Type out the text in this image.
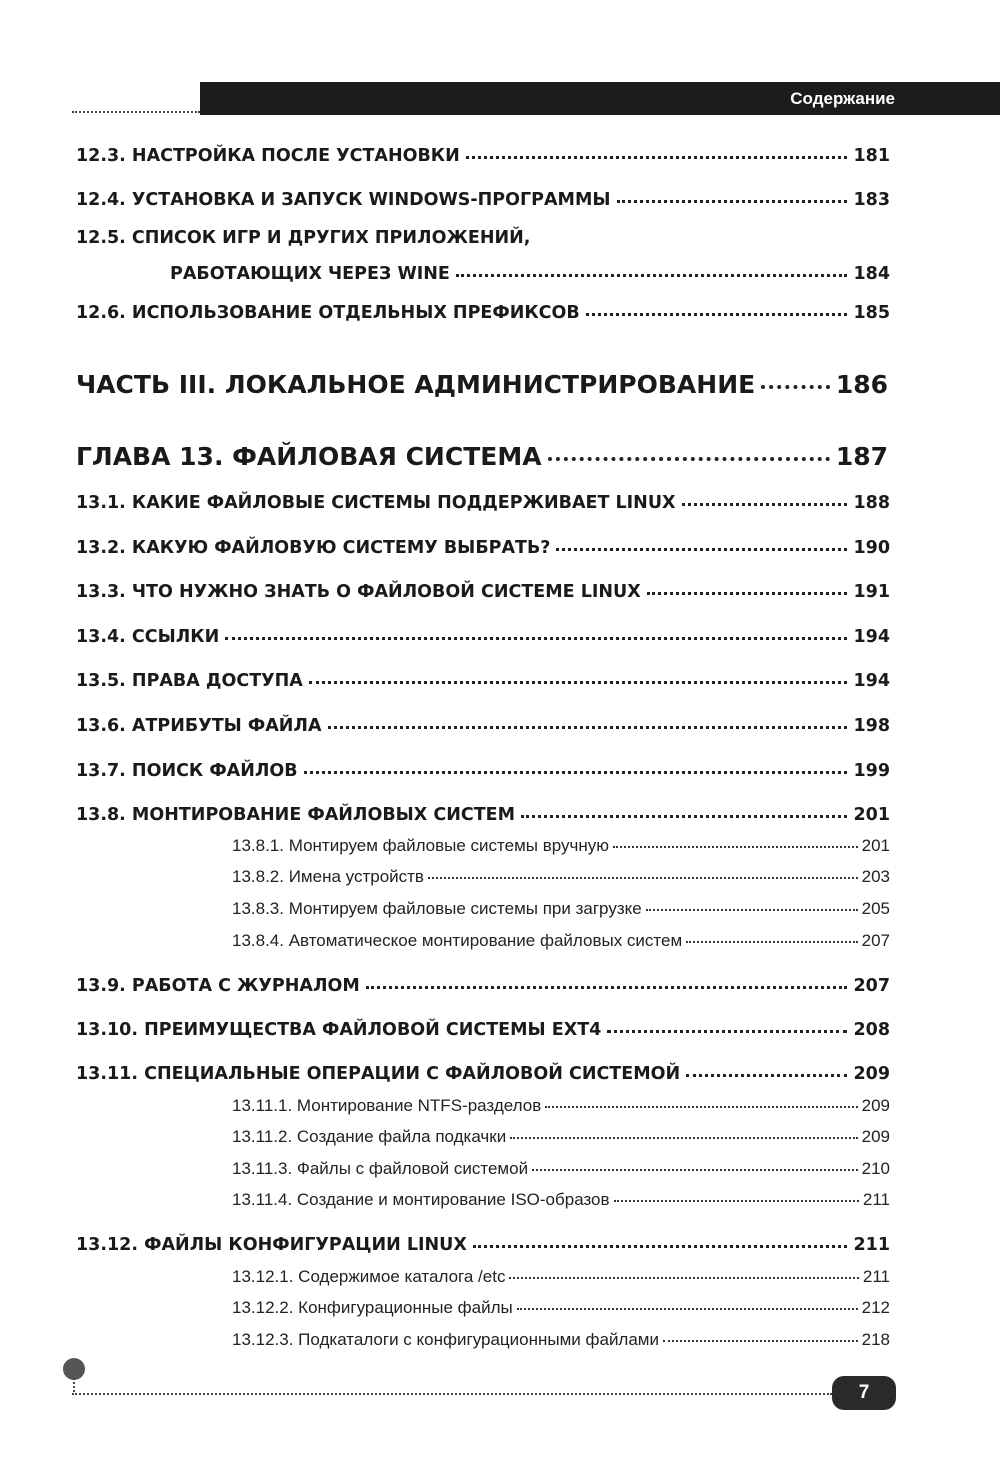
Содержание
12.3. НАСТРОЙКА ПОСЛЕ УСТАНОВКИ	181
12.4. УСТАНОВКА И ЗАПУСК WINDOWS-ПРОГРАММЫ	183
12.5. СПИСОК ИГР И ДРУГИХ ПРИЛОЖЕНИЙ,
РАБОТАЮЩИХ ЧЕРЕЗ WINE	184
12.6. ИСПОЛЬЗОВАНИЕ ОТДЕЛЬНЫХ ПРЕФИКСОВ	185
ЧАСТЬ III. ЛОКАЛЬНОЕ АДМИНИСТРИРОВАНИЕ	186
ГЛАВА 13. ФАЙЛОВАЯ СИСТЕМА	187
13.1. КАКИЕ ФАЙЛОВЫЕ СИСТЕМЫ ПОДДЕРЖИВАЕТ LINUX	188
13.2. КАКУЮ ФАЙЛОВУЮ СИСТЕМУ ВЫБРАТЬ?	190
13.3. ЧТО НУЖНО ЗНАТЬ О ФАЙЛОВОЙ СИСТЕМЕ LINUX	191
13.4. ССЫЛКИ	194
13.5. ПРАВА ДОСТУПА	194
13.6. АТРИБУТЫ ФАЙЛА	198
13.7. ПОИСК ФАЙЛОВ	199
13.8. МОНТИРОВАНИЕ ФАЙЛОВЫХ СИСТЕМ	201
13.8.1. Монтируем файловые системы вручную	201
13.8.2. Имена устройств	203
13.8.3. Монтируем файловые системы при загрузке	205
13.8.4. Автоматическое монтирование файловых систем	207
13.9. РАБОТА С ЖУРНАЛОМ	207
13.10. ПРЕИМУЩЕСТВА ФАЙЛОВОЙ СИСТЕМЫ EXT4	208
13.11. СПЕЦИАЛЬНЫЕ ОПЕРАЦИИ С ФАЙЛОВОЙ СИСТЕМОЙ	209
13.11.1. Монтирование NTFS-разделов	209
13.11.2. Создание файла подкачки	209
13.11.3. Файлы с файловой системой	210
13.11.4. Создание и монтирование ISO-образов	211
13.12. ФАЙЛЫ КОНФИГУРАЦИИ LINUX	211
13.12.1. Содержимое каталога /etc	211
13.12.2. Конфигурационные файлы	212
13.12.3. Подкаталоги с конфигурационными файлами	218
7
